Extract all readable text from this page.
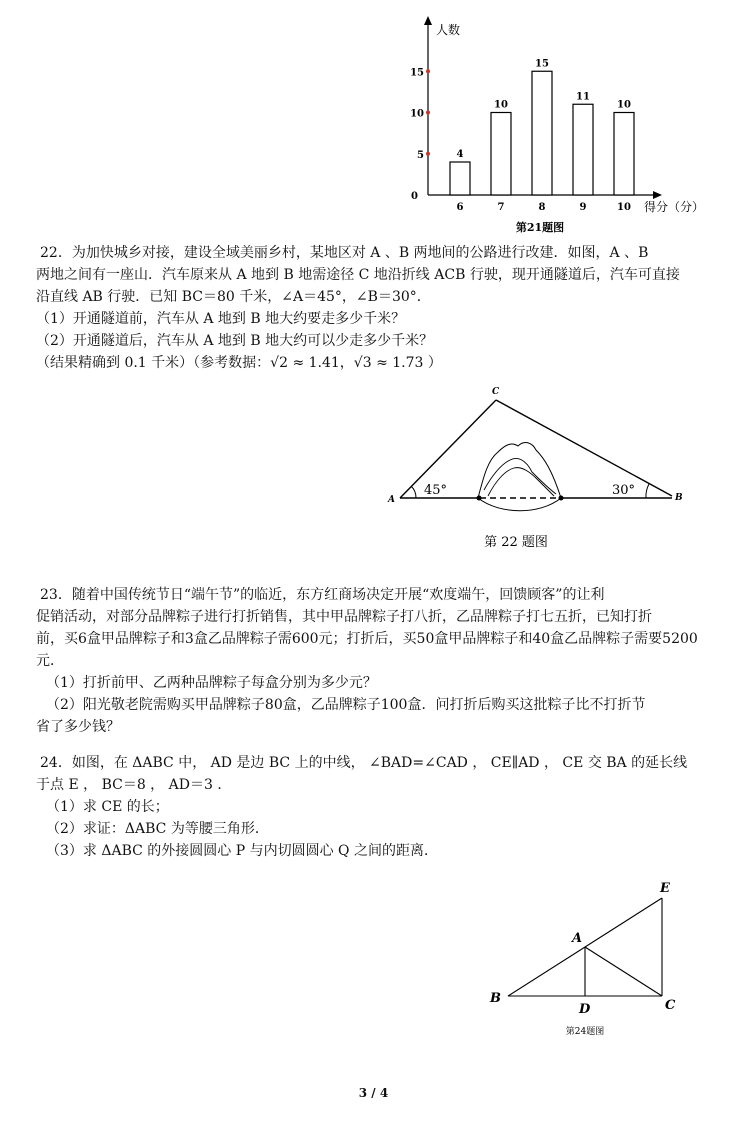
人数
得分（分）
0
5
10
15
4
6
10
7
15
8
11
9
10
10
第21题图
22．为加快城乡对接，建设全域美丽乡村，某地区对 A 、B 两地间的公路进行改建．如图，A 、B
两地之间有一座山．汽车原来从 A 地到 B 地需途径 C 地沿折线 ACB 行驶，现开通隧道后，汽车可直接
沿直线 AB 行驶．已知 BC＝80 千米，∠A＝45°，∠B＝30°．
（1）开通隧道前，汽车从 A 地到 B 地大约要走多少千米？
（2）开通隧道后，汽车从 A 地到 B 地大约可以少走多少千米？
（结果精确到 0.1 千米）（参考数据：√2 ≈ 1.41，√3 ≈ 1.73 ）
45°	30°
A	B
C
第 22 题图
23．随着中国传统节日“端午节”的临近，东方红商场决定开展“欢度端午，回馈顾客”的让利
促销活动，对部分品牌粽子进行打折销售，其中甲品牌粽子打八折，乙品牌粽子打七五折，已知打折
前，买6盒甲品牌粽子和3盒乙品牌粽子需600元；打折后，买50盒甲品牌粽子和40盒乙品牌粽子需要5200
元．
（1）打折前甲、乙两种品牌粽子每盒分别为多少元？
（2）阳光敬老院需购买甲品牌粽子80盒，乙品牌粽子100盒．问打折后购买这批粽子比不打折节
省了多少钱？
24．如图，在 ΔABC 中， AD 是边 BC 上的中线， ∠BAD=∠CAD ， CE∥AD ， CE 交 BA 的延长线
于点 E ， BC＝8 ， AD＝3 ．
（1）求 CE 的长；
（2）求证：ΔABC 为等腰三角形．
（3）求 ΔABC 的外接圆圆心 P 与内切圆圆心 Q 之间的距离．
E
A
B
D	C
第24题图
3 / 4
